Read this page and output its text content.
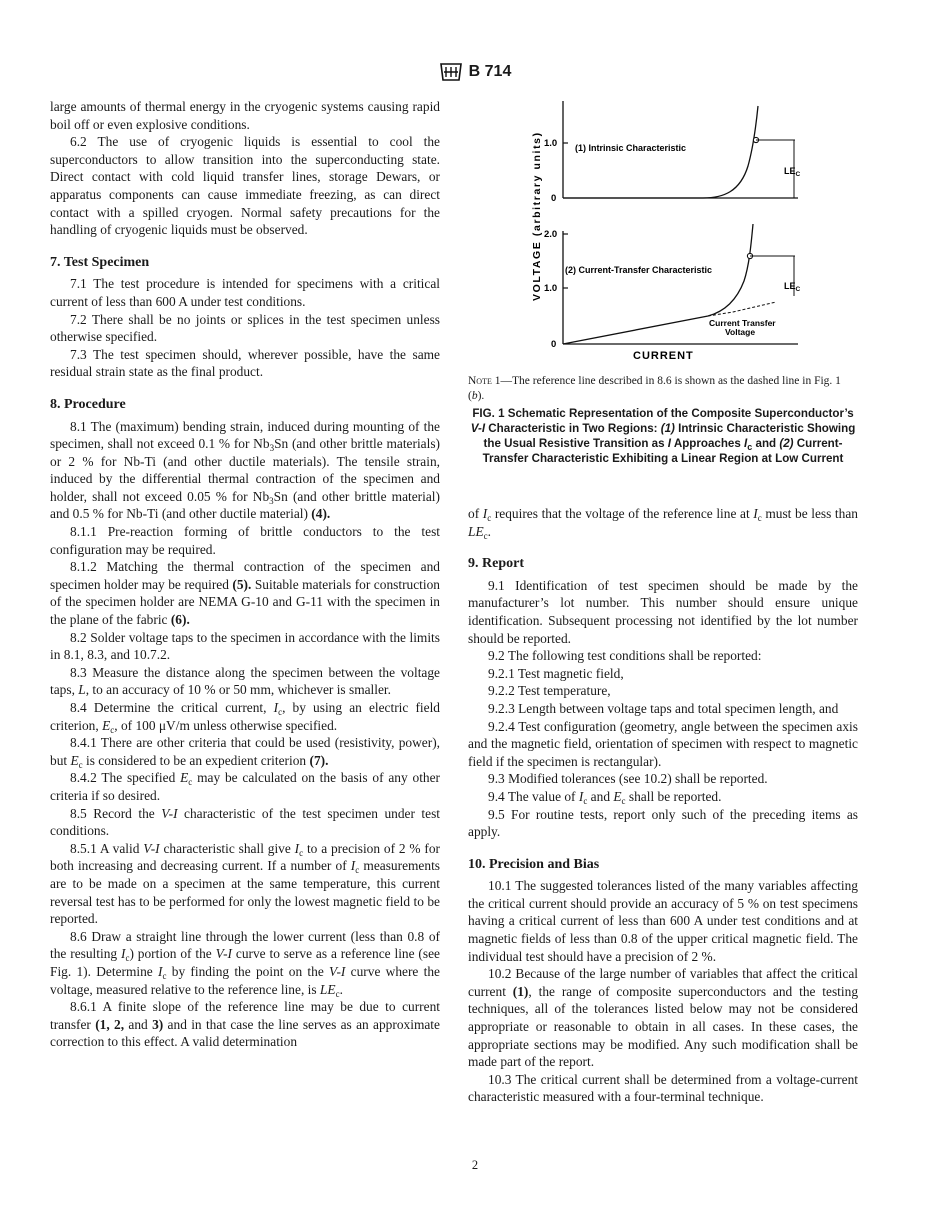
B 714

large amounts of thermal energy in the cryogenic systems causing rapid boil off or even explosive conditions.

6.2 The use of cryogenic liquids is essential to cool the superconductors to allow transition into the superconducting state. Direct contact with cold liquid transfer lines, storage Dewars, or apparatus components can cause immediate freezing, as can direct contact with a spilled cryogen. Normal safety precautions for the handling of cryogenic liquids must be observed.

7. Test Specimen

7.1 The test procedure is intended for specimens with a critical current of less than 600 A under test conditions.

7.2 There shall be no joints or splices in the test specimen unless otherwise specified.

7.3 The test specimen should, wherever possible, have the same residual strain state as the final product.

8. Procedure

8.1 The (maximum) bending strain, induced during mounting of the specimen, shall not exceed 0.1 % for $Nb_3Sn$ (and other brittle materials) or 2 % for Nb-Ti (and other ductile materials). The tensile strain, induced by the differential thermal contraction of the specimen and holder, shall not exceed 0.05 % for $Nb_3Sn$ (and other brittle material) and 0.5 % for Nb-Ti (and other ductile material) (4).

8.1.1 Pre-reaction forming of brittle conductors to the test configuration may be required.

8.1.2 Matching the thermal contraction of the specimen and specimen holder may be required (5). Suitable materials for construction of the specimen holder are NEMA G-10 and G-11 with the specimen in the plane of the fabric (6).

8.2 Solder voltage taps to the specimen in accordance with the limits in 8.1, 8.3, and 10.7.2.

8.3 Measure the distance along the specimen between the voltage taps, L, to an accuracy of 10 % or 50 mm, whichever is smaller.

8.4 Determine the critical current, $I_c$, by using an electric field criterion, $E_c$, of 100 μV/m unless otherwise specified.

8.4.1 There are other criteria that could be used (resistivity, power), but $E_c$ is considered to be an expedient criterion (7).

8.4.2 The specified $E_c$ may be calculated on the basis of any other criteria if so desired.

8.5 Record the V-I characteristic of the test specimen under test conditions.

8.5.1 A valid V-I characteristic shall give $I_c$ to a precision of 2 % for both increasing and decreasing current. If a number of $I_c$ measurements are to be made on a specimen at the same temperature, this current reversal test has to be performed for only the lowest magnetic field to be reported.

8.6 Draw a straight line through the lower current (less than 0.8 of the resulting $I_c$) portion of the V-I curve to serve as a reference line (see Fig. 1). Determine $I_c$ by finding the point on the V-I curve where the voltage, measured relative to the reference line, is $LE_c$.

8.6.1 A finite slope of the reference line may be due to current transfer (1, 2, and 3) and in that case the line serves as an approximate correction to this effect. A valid determination

VOLTAGE (arbitrary units) 1.0
0
(1) Intrinsic Characteristic
$LE_C$
2.0
1.0
0
(2) Current-Transfer Characteristic
$LE_C$
Current Transfer
Voltage
CURRENT
Note 1—The reference line described in 8.6 is shown as the dashed line in Fig. 1 (b).
FIG. 1 Schematic Representation of the Composite Superconductor’s V-I Characteristic in Two Regions: (1) Intrinsic Characteristic Showing the Usual Resistive Transition as I Approaches $I_c$ and (2) Current-Transfer Characteristic Exhibiting a Linear Region at Low Current

of $I_c$ requires that the voltage of the reference line at $I_c$ must be less than $LE_c$.

9. Report

9.1 Identification of test specimen should be made by the manufacturer’s lot number. This number should ensure unique identification. Subsequent processing not identified by the lot number should be reported.

9.2 The following test conditions shall be reported:

9.2.1 Test magnetic field,

9.2.2 Test temperature,

9.2.3 Length between voltage taps and total specimen length, and

9.2.4 Test configuration (geometry, angle between the specimen axis and the magnetic field, orientation of specimen with respect to magnetic field if the specimen is rectangular).

9.3 Modified tolerances (see 10.2) shall be reported.

9.4 The value of $I_c$ and $E_c$ shall be reported.

9.5 For routine tests, report only such of the preceding items as apply.

10. Precision and Bias

10.1 The suggested tolerances listed of the many variables affecting the critical current should provide an accuracy of 5 % on test specimens having a critical current of less than 600 A under test conditions and at magnetic fields of less than 0.8 of the upper critical magnetic field. The individual test should have a precision of 2 %.

10.2 Because of the large number of variables that affect the critical current (1), the range of composite superconductors and the testing techniques, all of the tolerances listed below may not be considered appropriate or reasonable to obtain in all cases. In these cases, the appropriate sections may be modified. Any such modification shall be made part of the report.

10.3 The critical current shall be determined from a voltage-current characteristic measured with a four-terminal technique.

2
